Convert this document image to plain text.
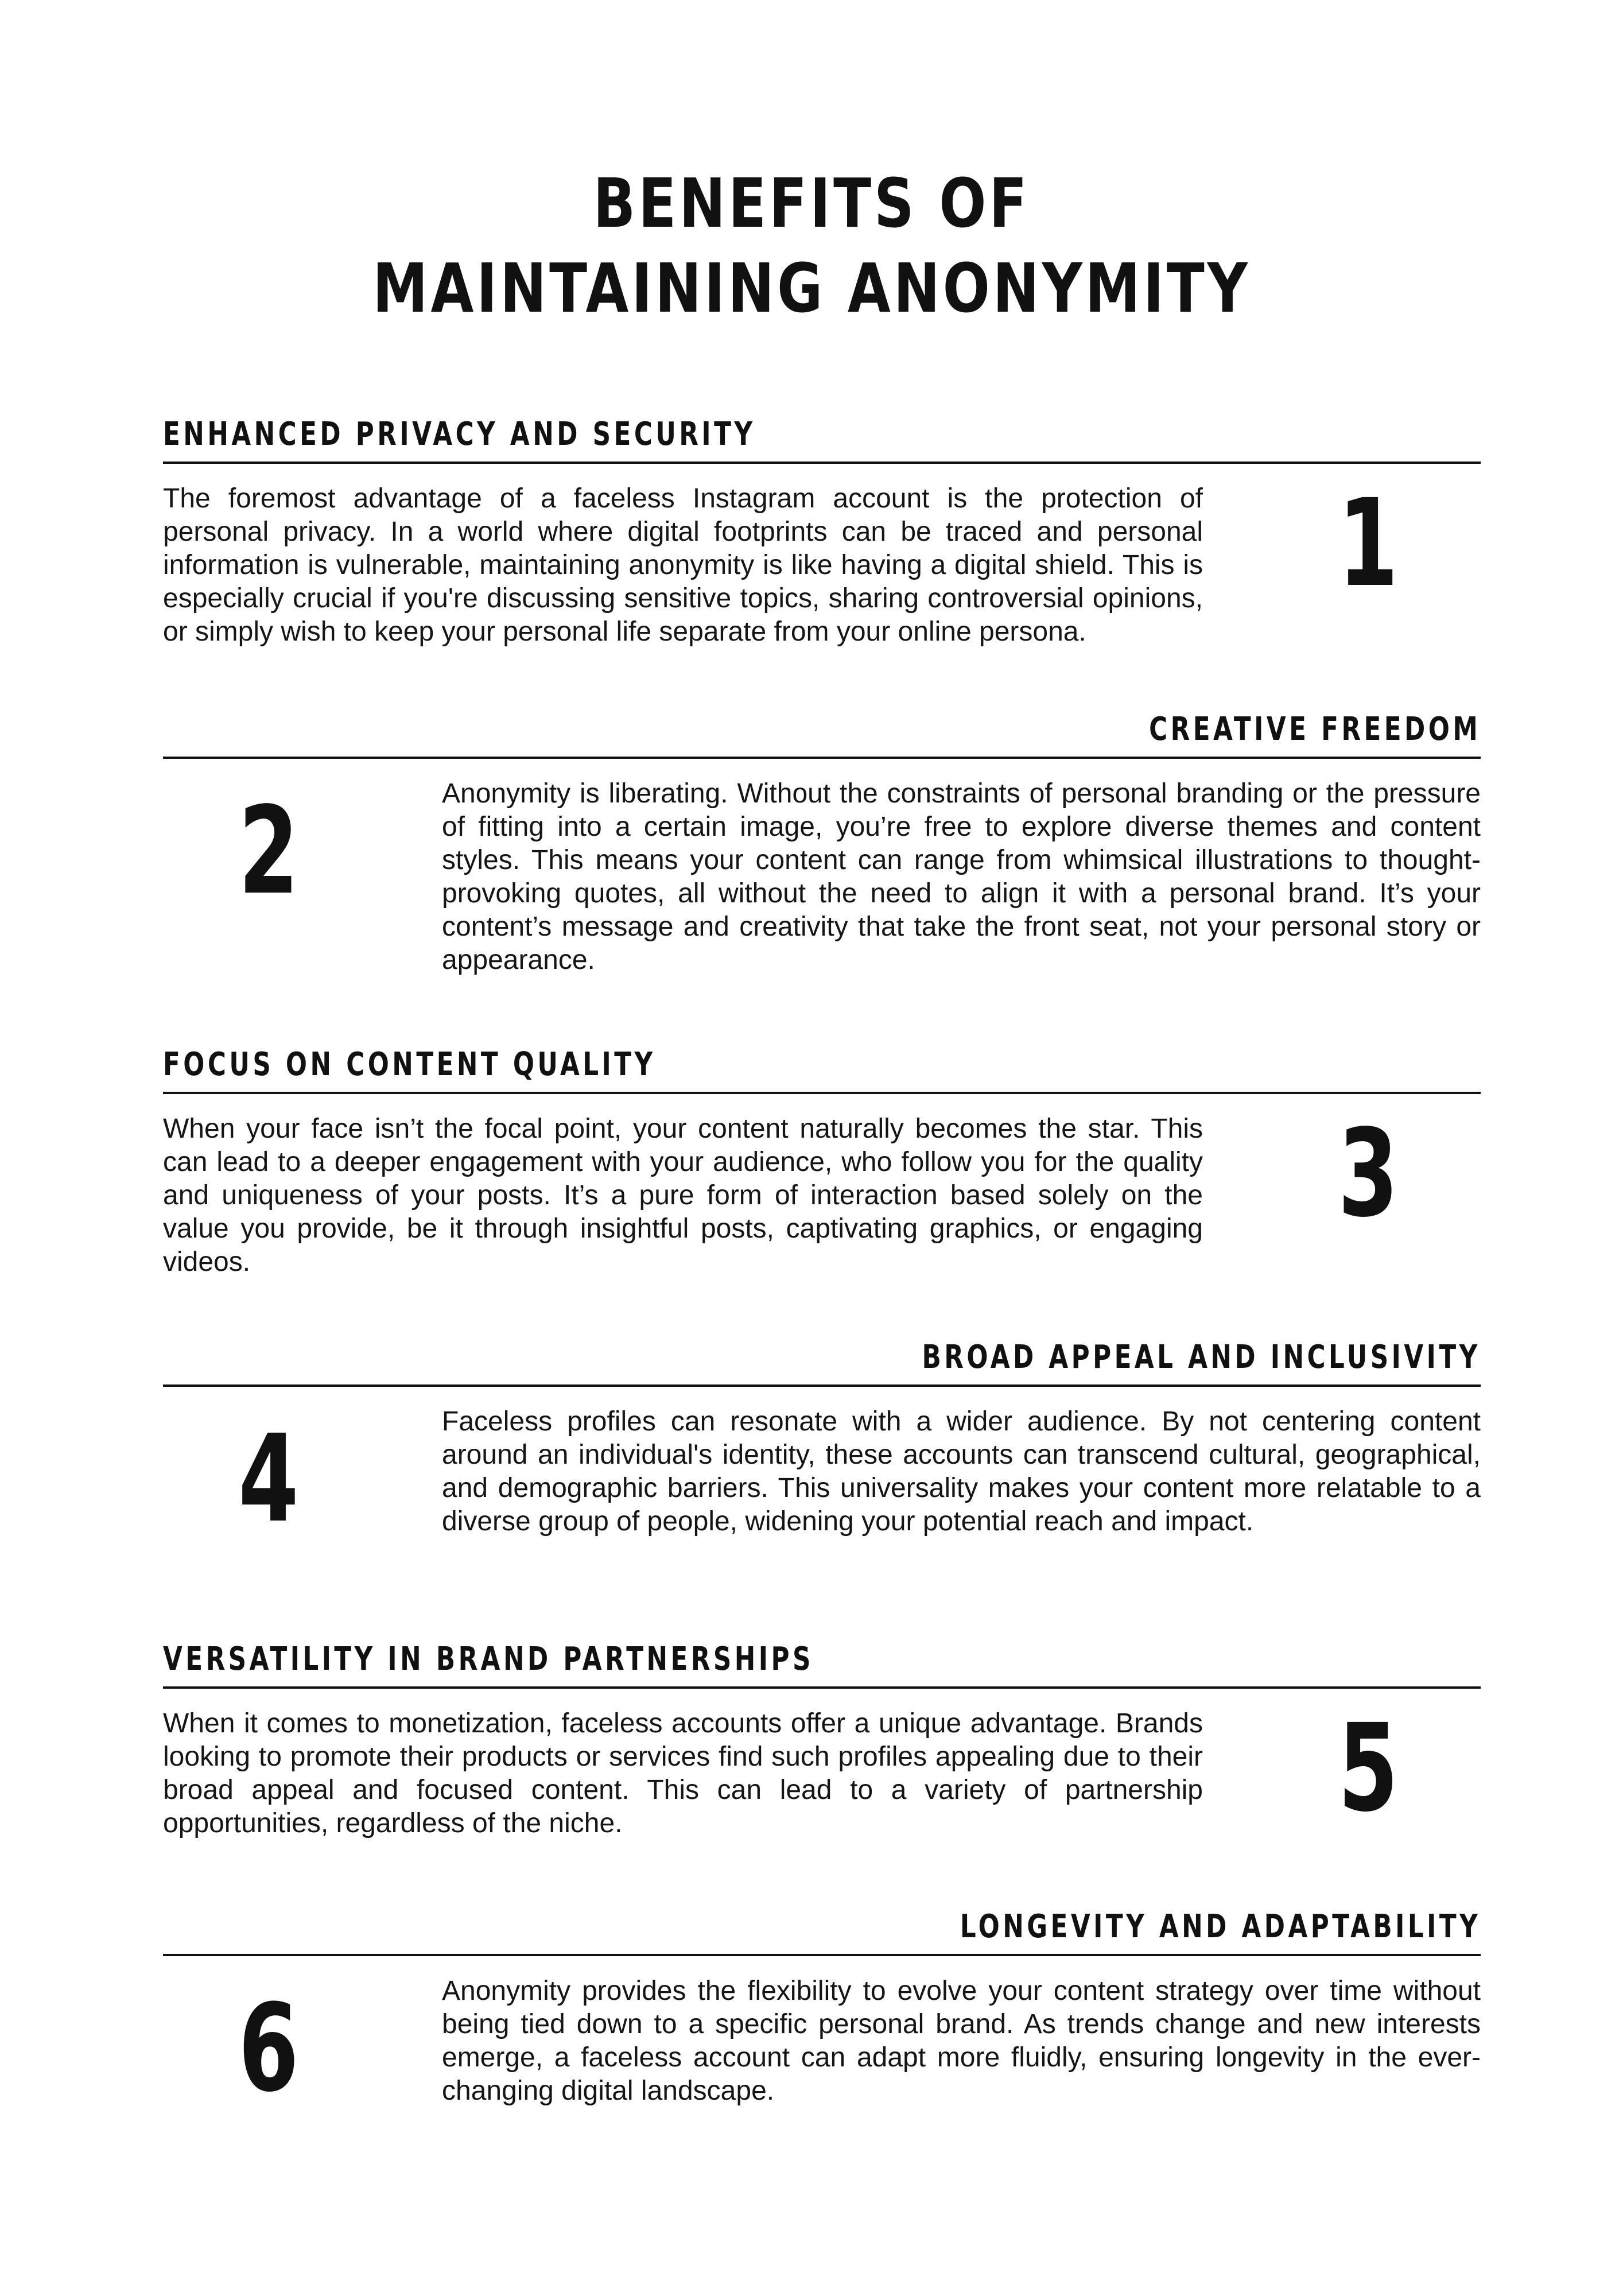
BENEFITS OF
MAINTAINING ANONYMITY
ENHANCED PRIVACY AND SECURITY
The foremost advantage of a faceless Instagram account is the protection of personal privacy. In a world where digital footprints can be traced and personal information is vulnerable, maintaining anonymity is like having a digital shield. This is especially crucial if you're discussing sensitive topics, sharing controversial opinions, or simply wish to keep your personal life separate from your online persona.
1
CREATIVE FREEDOM
Anonymity is liberating. Without the constraints of personal branding or the pressure of fitting into a certain image, you’re free to explore diverse themes and content styles. This means your content can range from whimsical illustrations to thought-provoking quotes, all without the need to align it with a personal brand. It’s your content’s message and creativity that take the front seat, not your personal story or appearance.
2
FOCUS ON CONTENT QUALITY
When your face isn’t the focal point, your content naturally becomes the star. This can lead to a deeper engagement with your audience, who follow you for the quality and uniqueness of your posts. It’s a pure form of interaction based solely on the value you provide, be it through insightful posts, captivating graphics, or engaging videos.
3
BROAD APPEAL AND INCLUSIVITY
Faceless profiles can resonate with a wider audience. By not centering content around an individual's identity, these accounts can transcend cultural, geographical, and demographic barriers. This universality makes your content more relatable to a diverse group of people, widening your potential reach and impact.
4
VERSATILITY IN BRAND PARTNERSHIPS
When it comes to monetization, faceless accounts offer a unique advantage. Brands looking to promote their products or services find such profiles appealing due to their broad appeal and focused content. This can lead to a variety of partnership opportunities, regardless of the niche.	5
LONGEVITY AND ADAPTABILITY
Anonymity provides the flexibility to evolve your content strategy over time without being tied down to a specific personal brand. As trends change and new interests emerge, a faceless account can adapt more fluidly, ensuring longevity in the ever-changing digital landscape.
6
